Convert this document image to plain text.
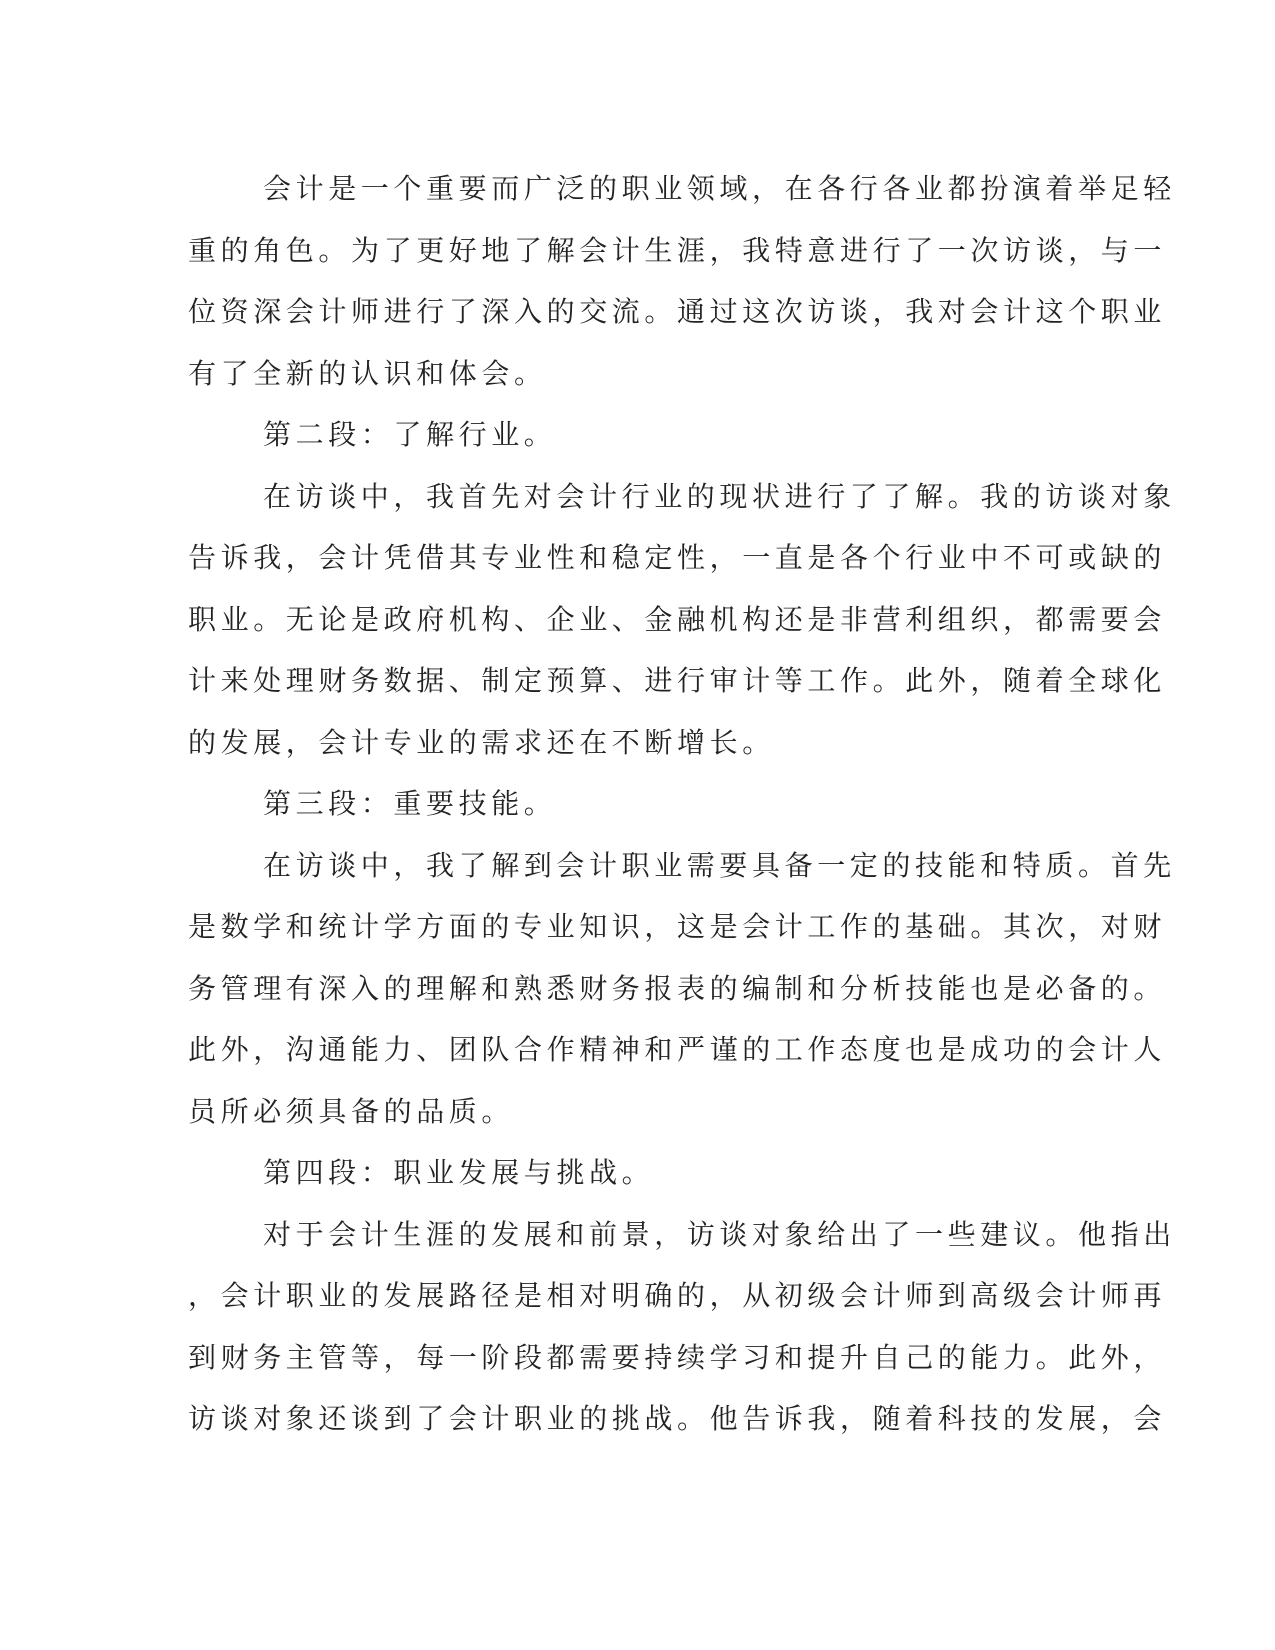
会计是一个重要而广泛的职业领域，在各行各业都扮演着举足轻
重的角色。为了更好地了解会计生涯，我特意进行了一次访谈，与一
位资深会计师进行了深入的交流。通过这次访谈，我对会计这个职业
有了全新的认识和体会。
第二段：了解行业。
在访谈中，我首先对会计行业的现状进行了了解。我的访谈对象
告诉我，会计凭借其专业性和稳定性，一直是各个行业中不可或缺的
职业。无论是政府机构、企业、金融机构还是非营利组织，都需要会
计来处理财务数据、制定预算、进行审计等工作。此外，随着全球化
的发展，会计专业的需求还在不断增长。
第三段：重要技能。
在访谈中，我了解到会计职业需要具备一定的技能和特质。首先
是数学和统计学方面的专业知识，这是会计工作的基础。其次，对财
务管理有深入的理解和熟悉财务报表的编制和分析技能也是必备的。
此外，沟通能力、团队合作精神和严谨的工作态度也是成功的会计人
员所必须具备的品质。
第四段：职业发展与挑战。
对于会计生涯的发展和前景，访谈对象给出了一些建议。他指出
，会计职业的发展路径是相对明确的，从初级会计师到高级会计师再
到财务主管等，每一阶段都需要持续学习和提升自己的能力。此外，
访谈对象还谈到了会计职业的挑战。他告诉我，随着科技的发展，会
